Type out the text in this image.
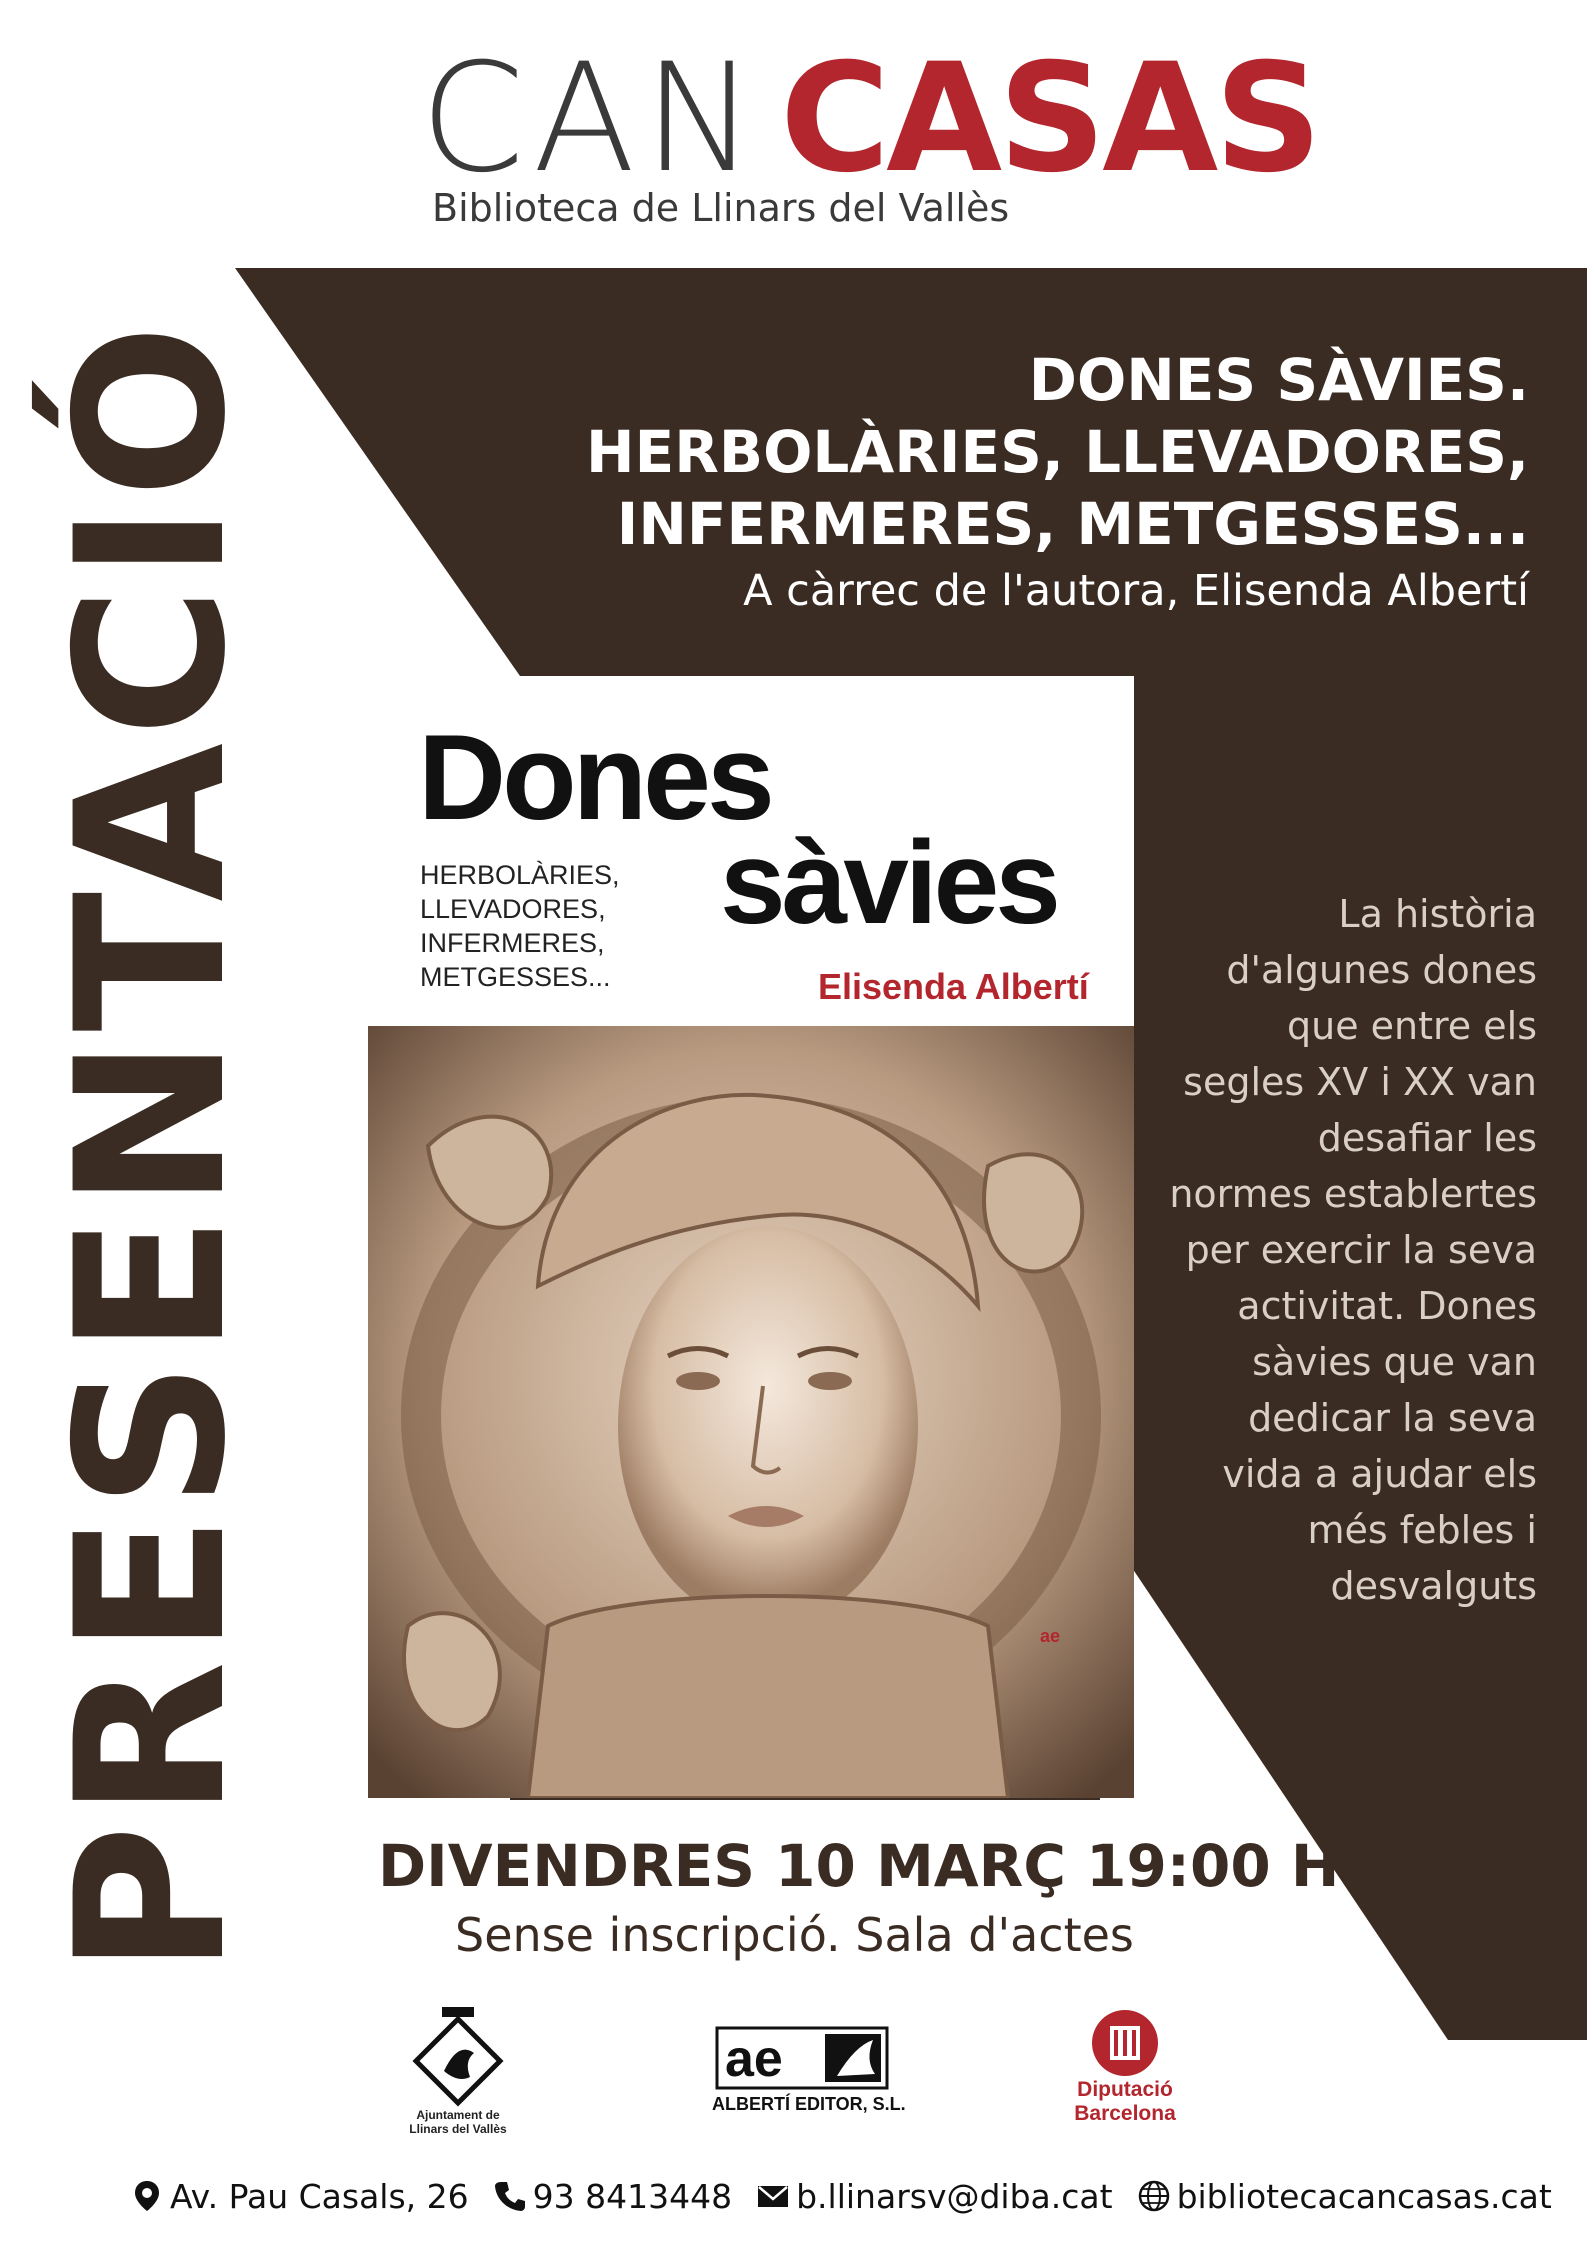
CAN CASAS
Biblioteca de Llinars del Vallès
PRESENTACIÓ	DONES SÀVIES.
HERBOLÀRIES, LLEVADORES,
INFERMERES, METGESSES...
A càrrec de l'autora, Elisenda Albertí
Dones
sàvies
HERBOLÀRIES,
LLEVADORES,
INFERMERES,
METGESSES...	Elisenda Albertí
ae
La història
d'algunes dones
que entre els
segles XV i XX van
desafiar les
normes establertes
per exercir la seva
activitat. Dones
sàvies que van
dedicar la seva
vida a ajudar els
més febles i
desvalguts
DIVENDRES 10 MARÇ 19:00 H
Sense inscripció. Sala d'actes
Ajuntament de Llinars del Vallès
ae
ALBERTÍ EDITOR, S.L.
Diputació
Barcelona
Av. Pau Casals, 26 93 8413448 b.llinarsv@diba.cat bibliotecacancasas.cat
